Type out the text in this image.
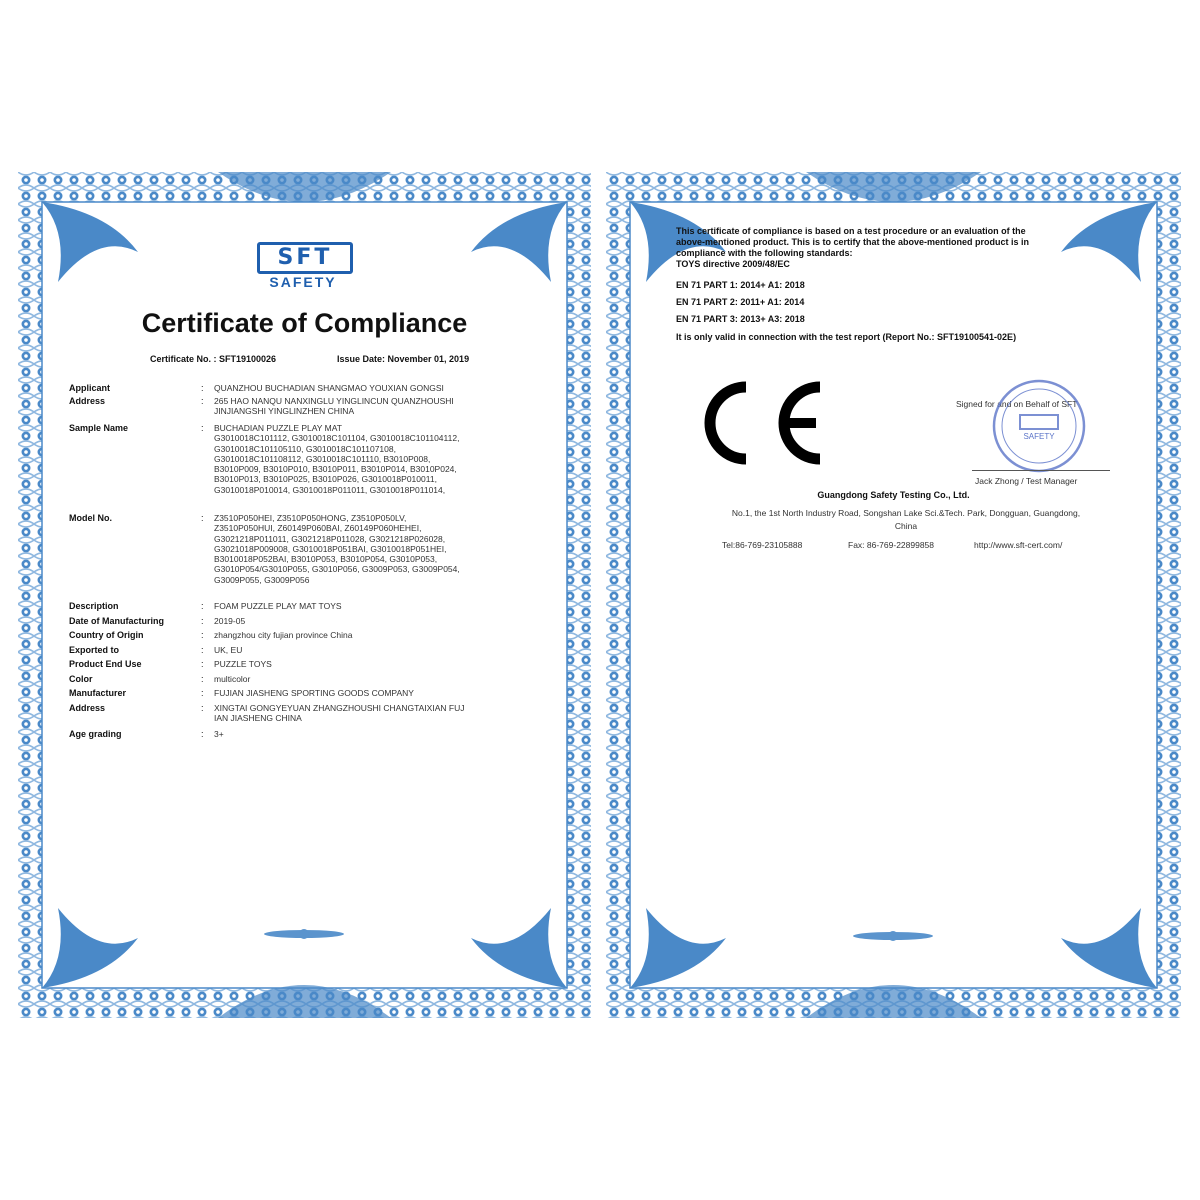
SFT
SAFETY
Certificate of Compliance
Certificate No. : SFT19100026	Issue Date: November 01, 2019
Applicant	: QUANZHOU BUCHADIAN SHANGMAO YOUXIAN GONGSI
Address	: 265 HAO NANQU NANXINGLU YINGLINCUN QUANZHOUSHI
JINJIANGSHI YINGLINZHEN CHINA
Sample Name	: BUCHADIAN PUZZLE PLAY MAT
G3010018C101112, G3010018C101104, G3010018C101104112,
G3010018C101105110, G3010018C101107108,
G3010018C101108112, G3010018C101110, B3010P008,
B3010P009, B3010P010, B3010P011, B3010P014, B3010P024,
B3010P013, B3010P025, B3010P026, G3010018P010011,
G3010018P010014, G3010018P011011, G3010018P011014,
Model No.	: Z3510P050HEI, Z3510P050HONG, Z3510P050LV,
Z3510P050HUI, Z60149P060BAI, Z60149P060HEHEI,
G3021218P011011, G3021218P011028, G3021218P026028,
G3021018P009008, G3010018P051BAI, G3010018P051HEI,
B3010018P052BAI, B3010P053, B3010P054, G3010P053,
G3010P054/G3010P055, G3010P056, G3009P053, G3009P054,
G3009P055, G3009P056
Description	: FOAM PUZZLE PLAY MAT TOYS
Date of Manufacturing	: 2019-05
Country of Origin	: zhangzhou city fujian province China
Exported to	: UK, EU
Product End Use	: PUZZLE TOYS
Color	: multicolor
Manufacturer	: FUJIAN JIASHENG SPORTING GOODS COMPANY
Address	: XINGTAI GONGYEYUAN ZHANGZHOUSHI CHANGTAIXIAN FUJ
IAN JIASHENG CHINA
Age grading	: 3+
This certificate of compliance is based on a test procedure or an evaluation of the
above-mentioned product. This is to certify that the above-mentioned product is in
compliance with the following standards:
TOYS directive 2009/48/EC
EN 71 PART 1: 2014+ A1: 2018
EN 71 PART 2: 2011+ A1: 2014
EN 71 PART 3: 2013+ A3: 2018
It is only valid in connection with the test report (Report No.: SFT19100541-02E)
Signed for and on Behalf of SFT
SAFETY
Jack Zhong / Test Manager
Guangdong Safety Testing Co., Ltd.
No.1, the 1st North Industry Road, Songshan Lake Sci.&Tech. Park, Dongguan, Guangdong,
China
Tel:86-769-23105888	Fax: 86-769-22899858	http://www.sft-cert.com/
